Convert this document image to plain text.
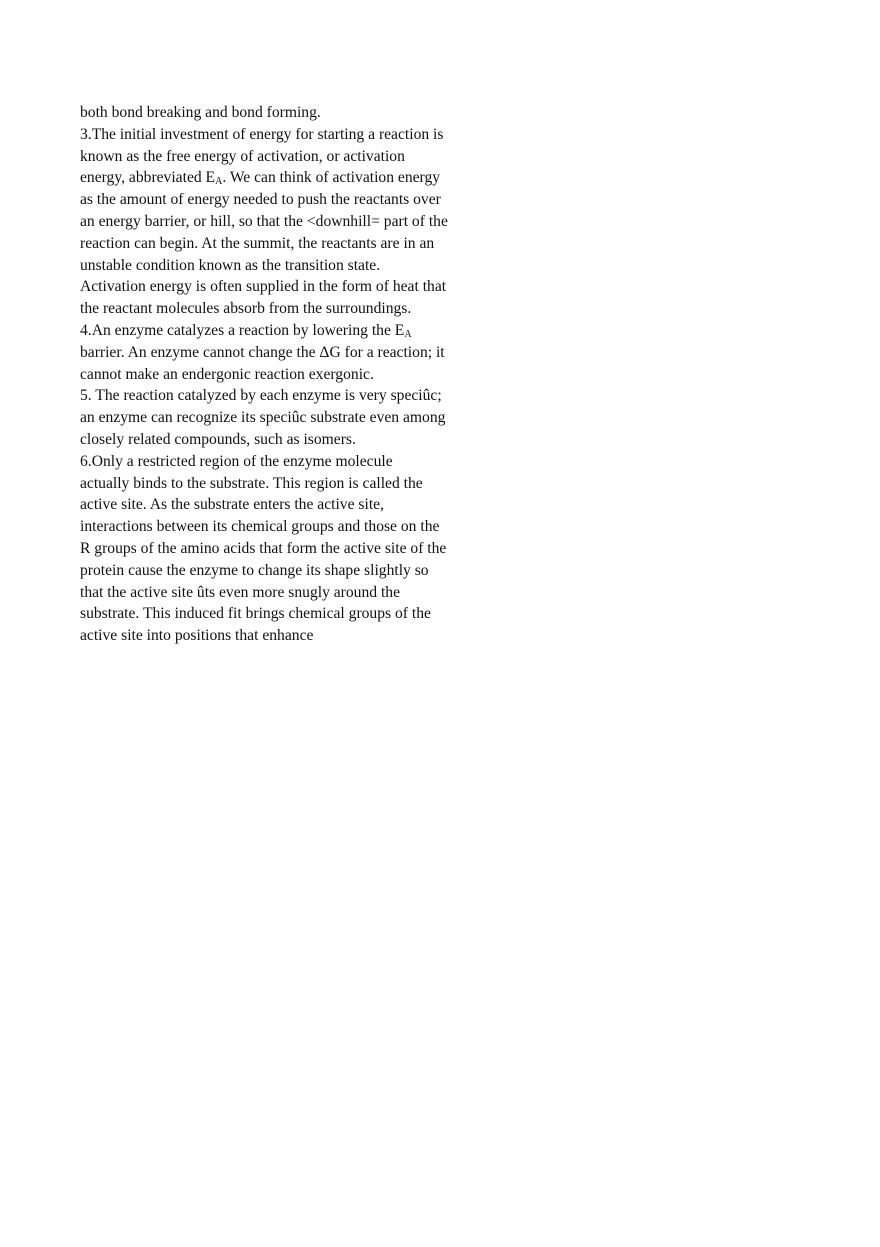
both bond breaking and bond forming.
3.The initial investment of energy for starting a reaction is
known as the free energy of activation, or activation
energy, abbreviated $E_A$. We can think of activation energy
as the amount of energy needed to push the reactants over
an energy barrier, or hill, so that the <downhill= part of the
reaction can begin. At the summit, the reactants are in an
unstable condition known as the transition state.
Activation energy is often supplied in the form of heat that
the reactant molecules absorb from the surroundings.
4.An enzyme catalyzes a reaction by lowering the $E_A$
barrier. An enzyme cannot change the ΔG for a reaction; it
cannot make an endergonic reaction exergonic.
5. The reaction catalyzed by each enzyme is very speciûc;
an enzyme can recognize its speciûc substrate even among
closely related compounds, such as isomers.
6.Only a restricted region of the enzyme molecule
actually binds to the substrate. This region is called the
active site. As the substrate enters the active site,
interactions between its chemical groups and those on the
R groups of the amino acids that form the active site of the
protein cause the enzyme to change its shape slightly so
that the active site ûts even more snugly around the
substrate. This induced fit brings chemical groups of the
active site into positions that enhance
